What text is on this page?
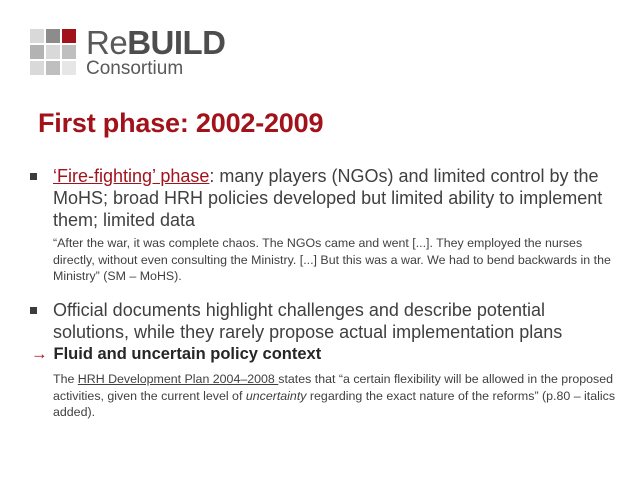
ReBUILD
Consortium
First phase: 2002-2009
‘Fire-fighting’ phase: many players (NGOs) and limited control by the MoHS; broad HRH policies developed but limited ability to implement them; limited data
“After the war, it was complete chaos. The NGOs came and went [...]. They employed the nurses directly, without even consulting the Ministry. [...] But this was a war. We had to bend backwards in the Ministry” (SM – MoHS).
Official documents highlight challenges and describe potential solutions, while they rarely propose actual implementation plans
→ Fluid and uncertain policy context
The HRH Development Plan 2004–2008 states that “a certain flexibility will be allowed in the proposed activities, given the current level of uncertainty regarding the exact nature of the reforms” (p.80 – italics added).
